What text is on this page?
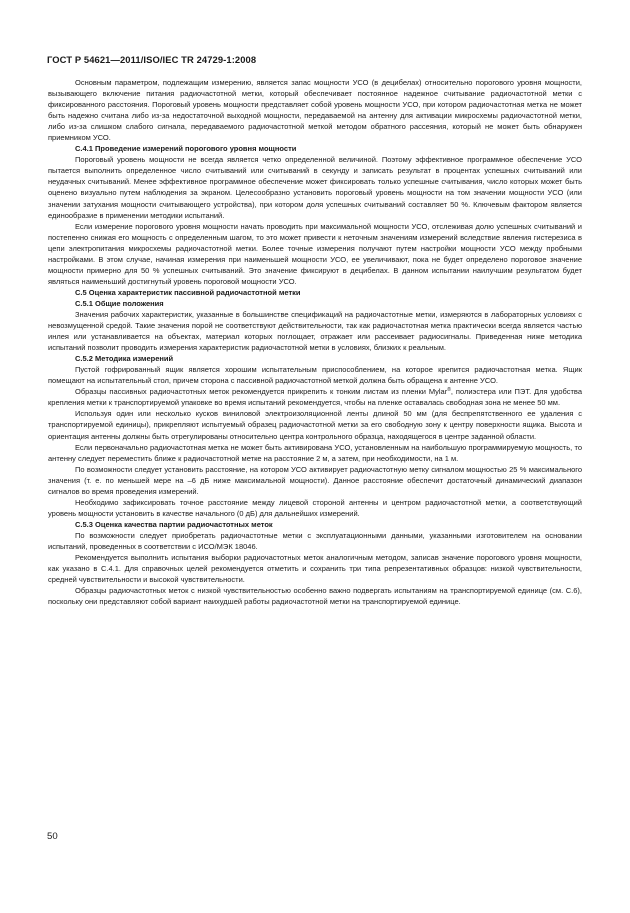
ГОСТ Р 54621—2011/ISO/IEC TR 24729-1:2008

Основным параметром, подлежащим измерению, является запас мощности УСО (в децибелах) относительно порогового уровня мощности, вызывающего включение питания радиочастотной метки, который обеспечивает постоянное надежное считывание радиочастотной метки с фиксированного расстояния. Пороговый уровень мощности представляет собой уровень мощности УСО, при котором радиочастотная метка не может быть надежно считана либо из-за недостаточной выходной мощности, передаваемой на антенну для активации микросхемы радиочастотной метки, либо из-за слишком слабого сигнала, передаваемого радиочастотной меткой методом обратного рассеяния, который не может быть обнаружен приемником УСО.

С.4.1 Проведение измерений порогового уровня мощности

Пороговый уровень мощности не всегда является четко определенной величиной. Поэтому эффективное программное обеспечение УСО пытается выполнить определенное число считываний или считываний в секунду и записать результат в процентах успешных считываний или неудачных считываний. Менее эффективное программное обеспечение может фиксировать только успешные считывания, число которых может быть оценено визуально путем наблюдения за экраном. Целесообразно установить пороговый уровень мощности на том значении мощности УСО (или значении затухания мощности считывающего устройства), при котором доля успешных считываний составляет 50 %. Ключевым фактором является единообразие в применении методики испытаний.

Если измерение порогового уровня мощности начать проводить при максимальной мощности УСО, отслеживая долю успешных считываний и постепенно снижая его мощность с определенным шагом, то это может привести к неточным значениям измерений вследствие явления гистерезиса в цепи электропитания микросхемы радиочастотной метки. Более точные измерения получают путем настройки мощности УСО между пробными настройками. В этом случае, начиная измерения при наименьшей мощности УСО, ее увеличивают, пока не будет определено пороговое значение мощности примерно для 50 % успешных считываний. Это значение фиксируют в децибелах. В данном испытании наилучшим результатом будет являться наименьший достигнутый уровень пороговой мощности УСО.

С.5 Оценка характеристик пассивной радиочастотной метки
С.5.1 Общие положения

Значения рабочих характеристик, указанные в большинстве спецификаций на радиочастотные метки, измеряются в лабораторных условиях с невозмущенной средой. Такие значения порой не соответствуют действительности, так как радиочастотная метка практически всегда является частью инлея или устанавливается на объектах, материал которых поглощает, отражает или рассеивает радиосигналы. Приведенная ниже методика испытаний позволит проводить измерения характеристик радиочастотной метки в условиях, близких к реальным.

С.5.2 Методика измерений

Пустой гофрированный ящик является хорошим испытательным приспособлением, на которое крепится радиочастотная метка. Ящик помещают на испытательный стол, причем сторона с пассивной радиочастотной меткой должна быть обращена к антенне УСО.

Образцы пассивных радиочастотных меток рекомендуется прикрепить к тонким листам из пленки Mylar®, полиэстера или ПЭТ. Для удобства крепления метки к транспортируемой упаковке во время испытаний рекомендуется, чтобы на пленке оставалась свободная зона не менее 50 мм.

Используя один или несколько кусков виниловой электроизоляционной ленты длиной 50 мм (для беспрепятственного ее удаления с транспортируемой единицы), прикрепляют испытуемый образец радиочастотной метки за его свободную зону к центру поверхности ящика. Высота и ориентация антенны должны быть отрегулированы относительно центра контрольного образца, находящегося в центре заданной области.

Если первоначально радиочастотная метка не может быть активирована УСО, установленным на наибольшую программируемую мощность, то антенну следует переместить ближе к радиочастотной метке на расстояние 2 м, а затем, при необходимости, на 1 м.

По возможности следует установить расстояние, на котором УСО активирует радиочастотную метку сигналом мощностью 25 % максимального значения (т. е. по меньшей мере на –6 дБ ниже максимальной мощности). Данное расстояние обеспечит достаточный динамический диапазон сигналов во время проведения измерений.

Необходимо зафиксировать точное расстояние между лицевой стороной антенны и центром радиочастотной метки, а соответствующий уровень мощности установить в качестве начального (0 дБ) для дальнейших измерений.

С.5.3 Оценка качества партии радиочастотных меток

По возможности следует приобретать радиочастотные метки с эксплуатационными данными, указанными изготовителем на основании испытаний, проведенных в соответствии с ИСО/МЭК 18046.

Рекомендуется выполнить испытания выборки радиочастотных меток аналогичным методом, записав значение порогового уровня мощности, как указано в С.4.1. Для справочных целей рекомендуется отметить и сохранить три типа репрезентативных образцов: низкой чувствительности, средней чувствительности и высокой чувствительности.

Образцы радиочастотных меток с низкой чувствительностью особенно важно подвергать испытаниям на транспортируемой единице (см. С.6), поскольку они представляют собой вариант наихудшей работы радиочастотной метки на транспортируемой единице.

50
